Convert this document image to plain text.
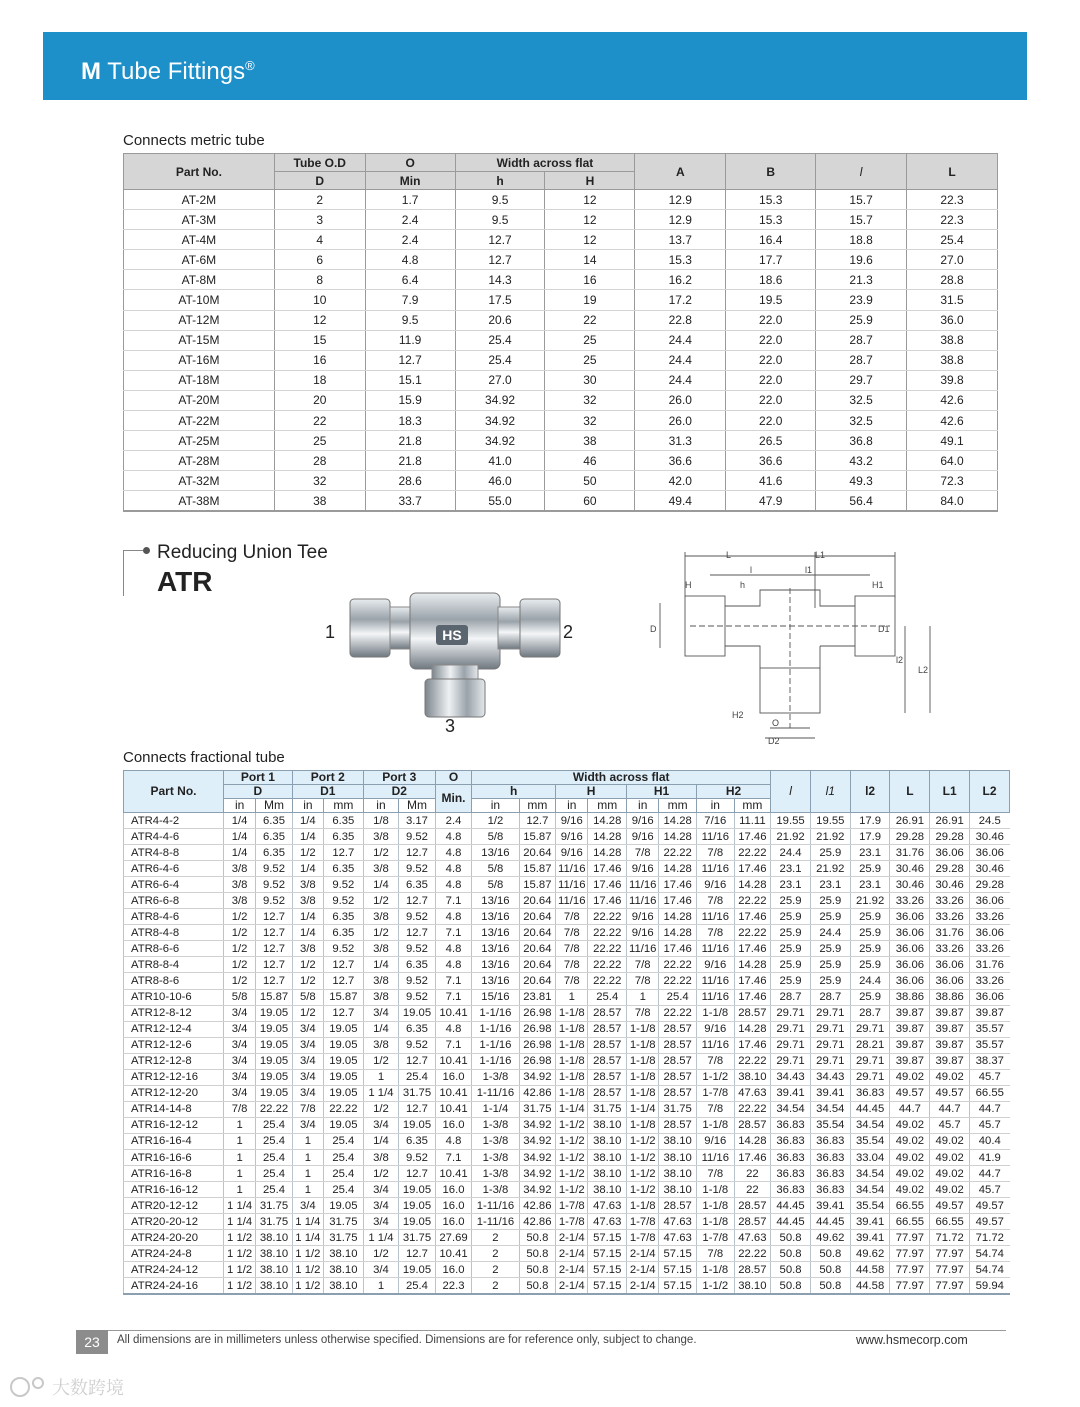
M Tube Fittings®
Connects metric tube
Part No.	Tube O.D	O	Width across flat		A	B	l	L
	D	Min	h	H				
AT-2M	2	1.7	9.5	12	12.9	15.3	15.7	22.3
AT-3M	3	2.4	9.5	12	12.9	15.3	15.7	22.3
AT-4M	4	2.4	12.7	12	13.7	16.4	18.8	25.4
AT-6M	6	4.8	12.7	14	15.3	17.7	19.6	27.0
AT-8M	8	6.4	14.3	16	16.2	18.6	21.3	28.8
AT-10M	10	7.9	17.5	19	17.2	19.5	23.9	31.5
AT-12M	12	9.5	20.6	22	22.8	22.0	25.9	36.0
AT-15M	15	11.9	25.4	25	24.4	22.0	28.7	38.8
AT-16M	16	12.7	25.4	25	24.4	22.0	28.7	38.8
AT-18M	18	15.1	27.0	30	24.4	22.0	29.7	39.8
AT-20M	20	15.9	34.92	32	26.0	22.0	32.5	42.6
AT-22M	22	18.3	34.92	32	26.0	22.0	32.5	42.6
AT-25M	25	21.8	34.92	38	31.3	26.5	36.8	49.1
AT-28M	28	21.8	41.0	46	36.6	36.6	43.2	64.0
AT-32M	32	28.6	46.0	50	42.0	41.6	49.3	72.3
AT-38M	38	33.7	55.0	60	49.4	47.9	56.4	84.0
Reducing Union Tee
ATR
HS
1	2
3
L	L1
l	l1
H	h	H1
D	D1
l2
L2
H2
O
D2
Connects fractional tube
Part No.	Port 1		Port 2		Port 3		O	Width across flat								l	l1	l2	L	L1	L2
	D		D1		D2		Min.	h		H		H1		H2							
	in	Mm	in	mm	in	Mm		in	mm	in	mm	in	mm	in	mm						
ATR4-4-2	1/4	6.35	1/4	6.35	1/8	3.17	2.4	1/2	12.7	9/16	14.28	9/16	14.28	7/16	11.11	19.55	19.55	17.9	26.91	26.91	24.5
ATR4-4-6	1/4	6.35	1/4	6.35	3/8	9.52	4.8	5/8	15.87	9/16	14.28	9/16	14.28	11/16	17.46	21.92	21.92	17.9	29.28	29.28	30.46
ATR4-8-8	1/4	6.35	1/2	12.7	1/2	12.7	4.8	13/16	20.64	9/16	14.28	7/8	22.22	7/8	22.22	24.4	25.9	23.1	31.76	36.06	36.06
ATR6-4-6	3/8	9.52	1/4	6.35	3/8	9.52	4.8	5/8	15.87	11/16	17.46	9/16	14.28	11/16	17.46	23.1	21.92	25.9	30.46	29.28	30.46
ATR6-6-4	3/8	9.52	3/8	9.52	1/4	6.35	4.8	5/8	15.87	11/16	17.46	11/16	17.46	9/16	14.28	23.1	23.1	23.1	30.46	30.46	29.28
ATR6-6-8	3/8	9.52	3/8	9.52	1/2	12.7	7.1	13/16	20.64	11/16	17.46	11/16	17.46	7/8	22.22	25.9	25.9	21.92	33.26	33.26	36.06
ATR8-4-6	1/2	12.7	1/4	6.35	3/8	9.52	4.8	13/16	20.64	7/8	22.22	9/16	14.28	11/16	17.46	25.9	25.9	25.9	36.06	33.26	33.26
ATR8-4-8	1/2	12.7	1/4	6.35	1/2	12.7	7.1	13/16	20.64	7/8	22.22	9/16	14.28	7/8	22.22	25.9	24.4	25.9	36.06	31.76	36.06
ATR8-6-6	1/2	12.7	3/8	9.52	3/8	9.52	4.8	13/16	20.64	7/8	22.22	11/16	17.46	11/16	17.46	25.9	25.9	25.9	36.06	33.26	33.26
ATR8-8-4	1/2	12.7	1/2	12.7	1/4	6.35	4.8	13/16	20.64	7/8	22.22	7/8	22.22	9/16	14.28	25.9	25.9	25.9	36.06	36.06	31.76
ATR8-8-6	1/2	12.7	1/2	12.7	3/8	9.52	7.1	13/16	20.64	7/8	22.22	7/8	22.22	11/16	17.46	25.9	25.9	24.4	36.06	36.06	33.26
ATR10-10-6	5/8	15.87	5/8	15.87	3/8	9.52	7.1	15/16	23.81	1	25.4	1	25.4	11/16	17.46	28.7	28.7	25.9	38.86	38.86	36.06
ATR12-8-12	3/4	19.05	1/2	12.7	3/4	19.05	10.41	1-1/16	26.98	1-1/8	28.57	7/8	22.22	1-1/8	28.57	29.71	29.71	28.7	39.87	39.87	39.87
ATR12-12-4	3/4	19.05	3/4	19.05	1/4	6.35	4.8	1-1/16	26.98	1-1/8	28.57	1-1/8	28.57	9/16	14.28	29.71	29.71	29.71	39.87	39.87	35.57
ATR12-12-6	3/4	19.05	3/4	19.05	3/8	9.52	7.1	1-1/16	26.98	1-1/8	28.57	1-1/8	28.57	11/16	17.46	29.71	29.71	28.21	39.87	39.87	35.57
ATR12-12-8	3/4	19.05	3/4	19.05	1/2	12.7	10.41	1-1/16	26.98	1-1/8	28.57	1-1/8	28.57	7/8	22.22	29.71	29.71	29.71	39.87	39.87	38.37
ATR12-12-16	3/4	19.05	3/4	19.05	1	25.4	16.0	1-3/8	34.92	1-1/8	28.57	1-1/8	28.57	1-1/2	38.10	34.43	34.43	29.71	49.02	49.02	45.7
ATR12-12-20	3/4	19.05	3/4	19.05	1 1/4	31.75	10.41	1-11/16	42.86	1-1/8	28.57	1-1/8	28.57	1-7/8	47.63	39.41	39.41	36.83	49.57	49.57	66.55
ATR14-14-8	7/8	22.22	7/8	22.22	1/2	12.7	10.41	1-1/4	31.75	1-1/4	31.75	1-1/4	31.75	7/8	22.22	34.54	34.54	44.45	44.7	44.7	44.7
ATR16-12-12	1	25.4	3/4	19.05	3/4	19.05	16.0	1-3/8	34.92	1-1/2	38.10	1-1/8	28.57	1-1/8	28.57	36.83	35.54	34.54	49.02	45.7	45.7
ATR16-16-4	1	25.4	1	25.4	1/4	6.35	4.8	1-3/8	34.92	1-1/2	38.10	1-1/2	38.10	9/16	14.28	36.83	36.83	35.54	49.02	49.02	40.4
ATR16-16-6	1	25.4	1	25.4	3/8	9.52	7.1	1-3/8	34.92	1-1/2	38.10	1-1/2	38.10	11/16	17.46	36.83	36.83	33.04	49.02	49.02	41.9
ATR16-16-8	1	25.4	1	25.4	1/2	12.7	10.41	1-3/8	34.92	1-1/2	38.10	1-1/2	38.10	7/8	22	36.83	36.83	34.54	49.02	49.02	44.7
ATR16-16-12	1	25.4	1	25.4	3/4	19.05	16.0	1-3/8	34.92	1-1/2	38.10	1-1/2	38.10	1-1/8	22	36.83	36.83	34.54	49.02	49.02	45.7
ATR20-12-12	1 1/4	31.75	3/4	19.05	3/4	19.05	16.0	1-11/16	42.86	1-7/8	47.63	1-1/8	28.57	1-1/8	28.57	44.45	39.41	35.54	66.55	49.57	49.57
ATR20-20-12	1 1/4	31.75	1 1/4	31.75	3/4	19.05	16.0	1-11/16	42.86	1-7/8	47.63	1-7/8	47.63	1-1/8	28.57	44.45	44.45	39.41	66.55	66.55	49.57
ATR24-20-20	1 1/2	38.10	1 1/4	31.75	1 1/4	31.75	27.69	2	50.8	2-1/4	57.15	1-7/8	47.63	1-7/8	47.63	50.8	49.62	39.41	77.97	71.72	71.72
ATR24-24-8	1 1/2	38.10	1 1/2	38.10	1/2	12.7	10.41	2	50.8	2-1/4	57.15	2-1/4	57.15	7/8	22.22	50.8	50.8	49.62	77.97	77.97	54.74
ATR24-24-12	1 1/2	38.10	1 1/2	38.10	3/4	19.05	16.0	2	50.8	2-1/4	57.15	2-1/4	57.15	1-1/8	28.57	50.8	50.8	44.58	77.97	77.97	54.74
ATR24-24-16	1 1/2	38.10	1 1/2	38.10	1	25.4	22.3	2	50.8	2-1/4	57.15	2-1/4	57.15	1-1/2	38.10	50.8	50.8	44.58	77.97	77.97	59.94
23	All dimensions are in millimeters unless otherwise specified. Dimensions are for reference only, subject to change.	www.hsmecorp.com
大数跨境
